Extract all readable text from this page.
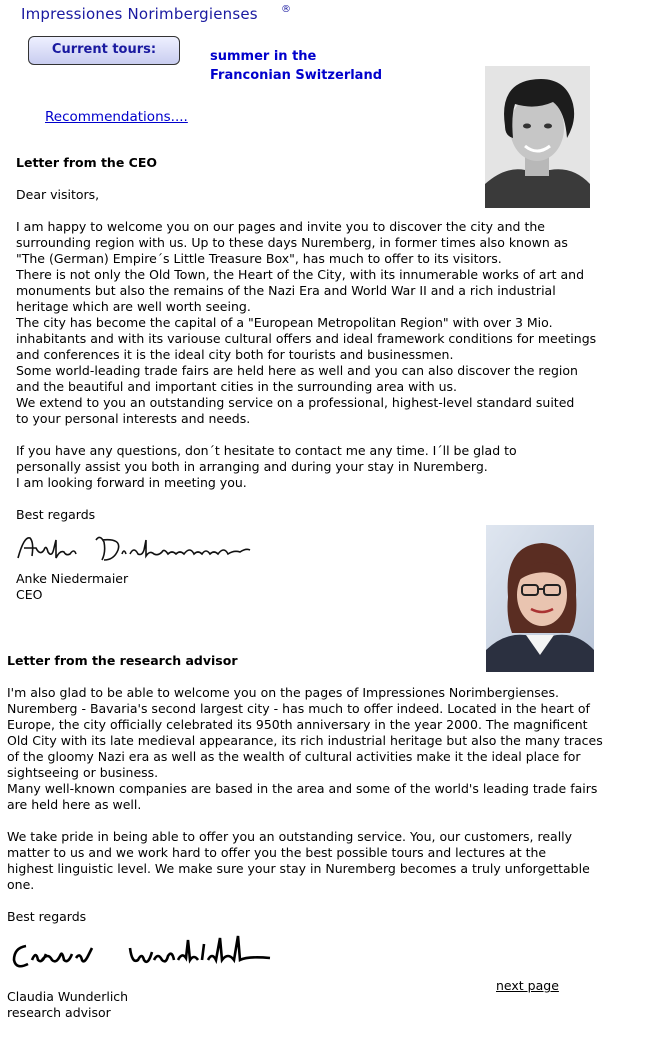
Impressiones Norimbergienses ®
Current tours:	summer in the
Franconian Switzerland
Recommendations....
Letter from the CEO

Dear visitors,

I am happy to welcome you on our pages and invite you to discover the city and the

surrounding region with us. Up to these days Nuremberg, in former times also known as

"The (German) Empire´s Little Treasure Box", has much to offer to its visitors.

There is not only the Old Town, the Heart of the City, with its innumerable works of art and

monuments but also the remains of the Nazi Era and World War II and a rich industrial

heritage which are well worth seeing.

The city has become the capital of a "European Metropolitan Region" with over 3 Mio.

inhabitants and with its variouse cultural offers and ideal framework conditions for meetings

and conferences it is the ideal city both for tourists and businessmen.

Some world-leading trade fairs are held here as well and you can also discover the region

and the beautiful and important cities in the surrounding area with us.

We extend to you an outstanding service on a professional, highest-level standard suited

to your personal interests and needs.

If you have any questions, don´t hesitate to contact me any time. I´ll be glad to

personally assist you both in arranging and during your stay in Nuremberg.

I am looking forward in meeting you.

Best regards

Anke Niedermaier

CEO

Letter from the research advisor

I'm also glad to be able to welcome you on the pages of Impressiones Norimbergienses.

Nuremberg - Bavaria's second largest city - has much to offer indeed. Located in the heart of

Europe, the city officially celebrated its 950th anniversary in the year 2000. The magnificent

Old City with its late medieval appearance, its rich industrial heritage but also the many traces

of the gloomy Nazi era as well as the wealth of cultural activities make it the ideal place for

sightseeing or business.

Many well-known companies are based in the area and some of the world's leading trade fairs

are held here as well.

We take pride in being able to offer you an outstanding service. You, our customers, really

matter to us and we work hard to offer you the best possible tours and lectures at the

highest linguistic level. We make sure your stay in Nuremberg becomes a truly unforgettable

one.

Best regards

Claudia Wunderlich

research advisor

next page
